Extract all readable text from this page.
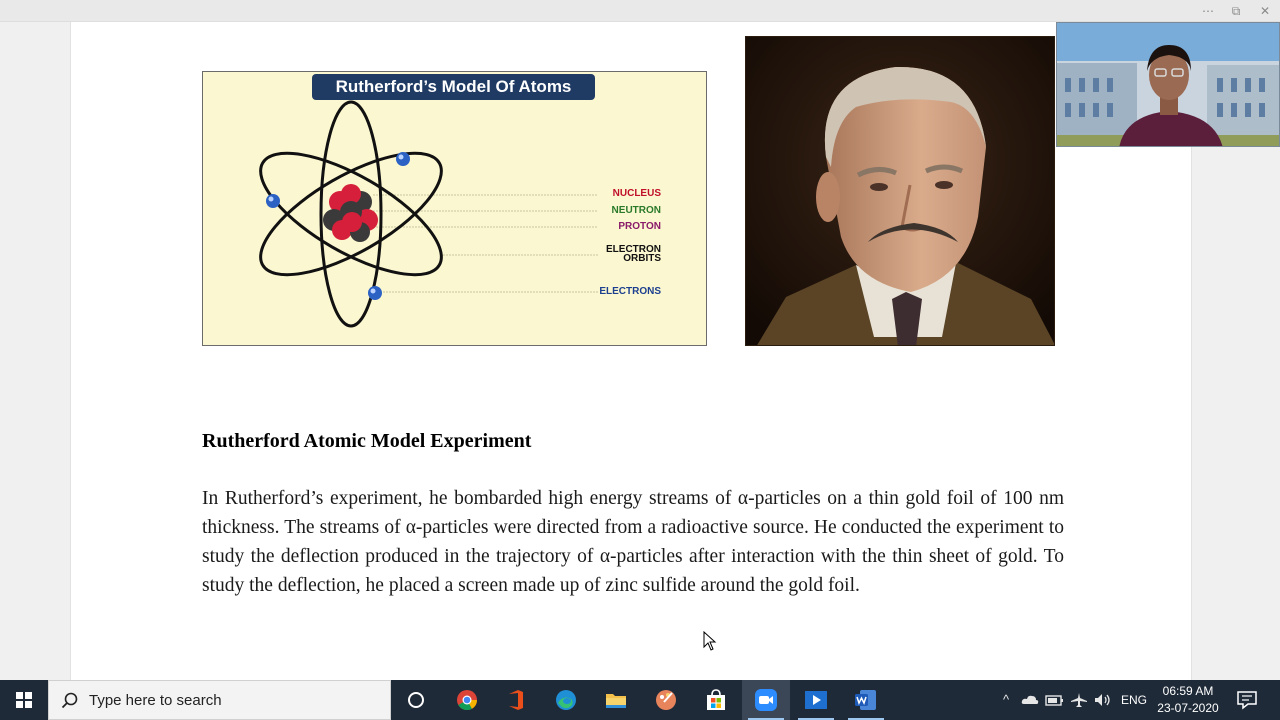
⋯	⧉	✕
Rutherford’s Model Of Atoms
NUCLEUS
NEUTRON
PROTON
ELECTRON
ORBITS
ELECTRONS
Rutherford Atomic Model Experiment
In Rutherford’s experiment, he bombarded high energy streams of α-particles on a thin gold foil of 100 nm thickness. The streams of α-particles were directed from a radioactive source. He conducted the experiment to study the deflection produced in the trajectory of α-particles after interaction with the thin sheet of gold. To study the deflection, he placed a screen made up of zinc sulfide around the gold foil.
Type here to search	^	ENG
06:59 AM
23-07-2020
